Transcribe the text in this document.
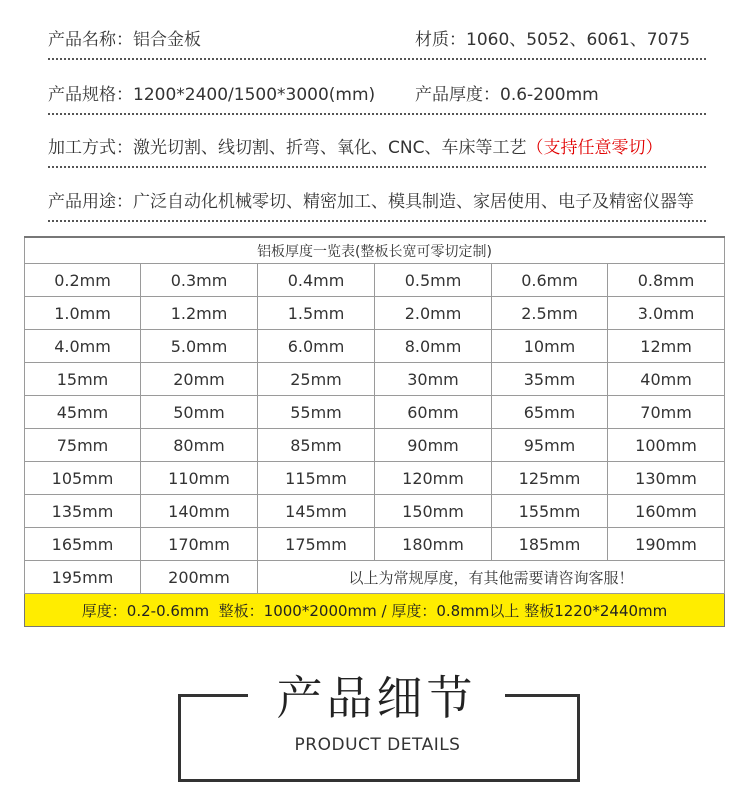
产品名称：铝合金板	材质：1060、5052、6061、7075
产品规格：1200*2400/1500*3000(mm) 产品厚度：0.6-200mm
加工方式：激光切割、线切割、折弯、氧化、CNC、车床等工艺（支持任意零切）
产品用途：广泛自动化机械零切、精密加工、模具制造、家居使用、电子及精密仪器等
铝板厚度一览表(整板长宽可零切定制)					
0.2mm	0.3mm	0.4mm	0.5mm	0.6mm	0.8mm
1.0mm	1.2mm	1.5mm	2.0mm	2.5mm	3.0mm
4.0mm	5.0mm	6.0mm	8.0mm	10mm	12mm
15mm	20mm	25mm	30mm	35mm	40mm
45mm	50mm	55mm	60mm	65mm	70mm
75mm	80mm	85mm	90mm	95mm	100mm
105mm	110mm	115mm	120mm	125mm	130mm
135mm	140mm	145mm	150mm	155mm	160mm
165mm	170mm	175mm	180mm	185mm	190mm
195mm	200mm	以上为常规厚度，有其他需要请咨询客服！			
厚度：0.2-0.6mm  整板：1000*2000mm / 厚度：0.8mm以上 整板1220*2440mm					
产品细节
PRODUCT DETAILS
